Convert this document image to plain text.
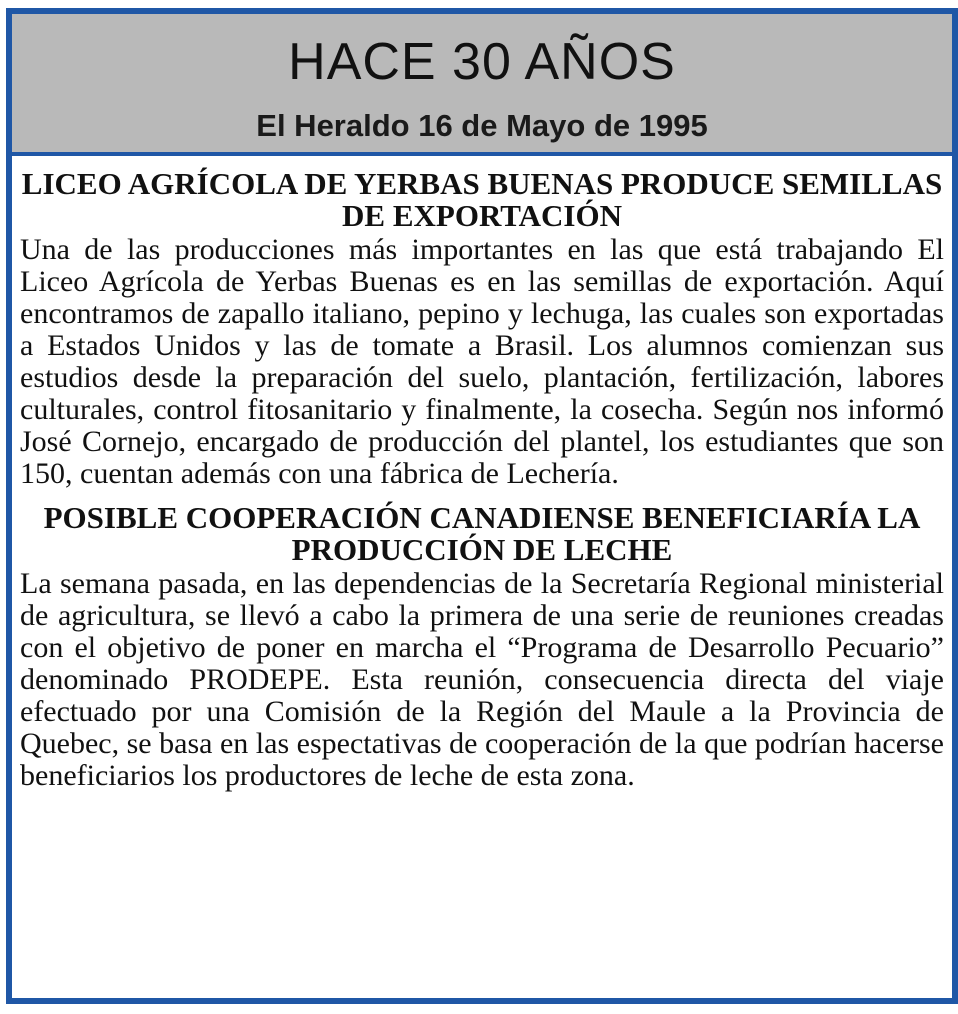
HACE 30 AÑOS
El Heraldo 16 de Mayo de 1995
LICEO AGRÍCOLA DE YERBAS BUENAS PRODUCE SEMILLAS DE EXPORTACIÓN

Una de las producciones más importantes en las que está trabajando El Liceo Agrícola de Yerbas Buenas es en las semillas de exportación. Aquí encontramos de zapallo italiano, pepino y lechuga, las cuales son exportadas a Estados Unidos y las de tomate a Brasil. Los alumnos comienzan sus estudios desde la preparación del suelo, plantación, fertilización, labores culturales, control fitosanitario y finalmente, la cosecha. Según nos informó José Cornejo, encargado de producción del plantel, los estudiantes que son 150, cuentan además con una fábrica de Lechería.

POSIBLE COOPERACIÓN CANADIENSE BENEFICIARÍA LA PRODUCCIÓN DE LECHE

La semana pasada, en las dependencias de la Secretaría Regional ministerial de agricultura, se llevó a cabo la primera de una serie de reuniones creadas con el objetivo de poner en marcha el “Programa de Desarrollo Pecuario” denominado PRODEPE. Esta reunión, consecuencia directa del viaje efectuado por una Comisión de la Región del Maule a la Provincia de Quebec, se basa en las espectativas de cooperación de la que podrían hacerse beneficiarios los productores de leche de esta zona.
